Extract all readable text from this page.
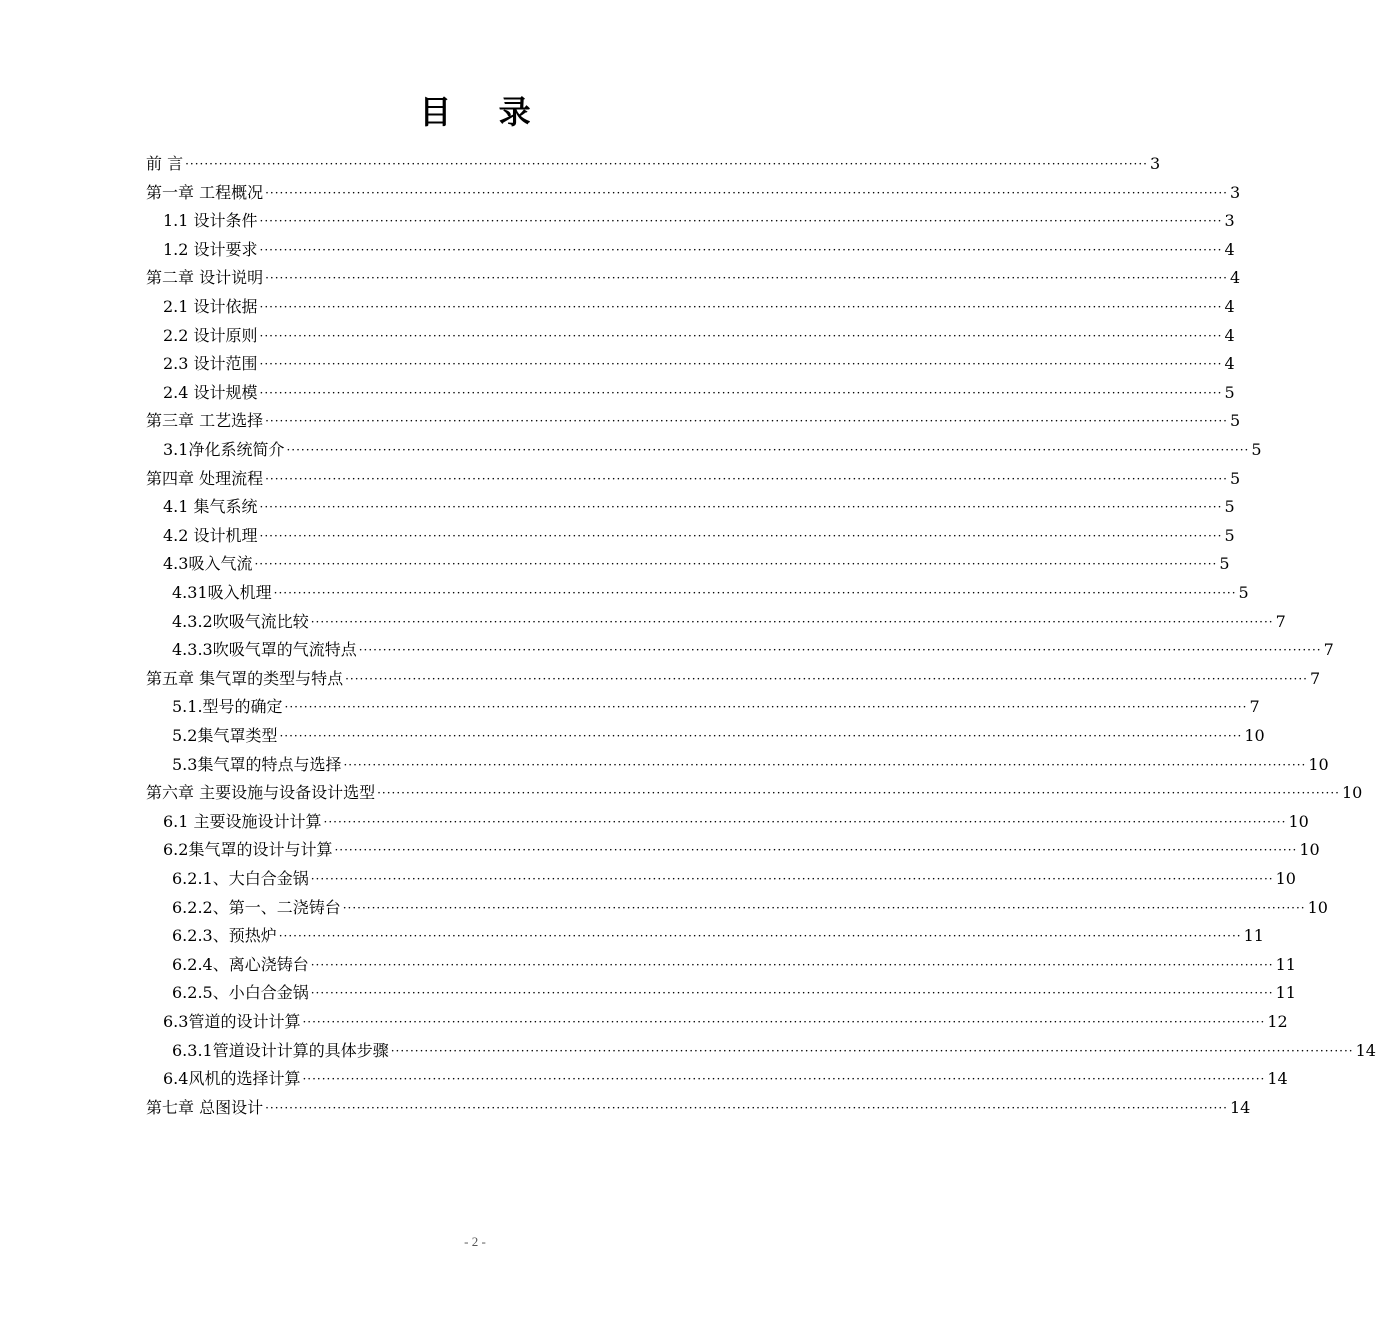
目 录
前 言 ········································································································································································································ 3
第一章 工程概况 ········································································································································································································ 3
1.1 设计条件 ········································································································································································································ 3
1.2 设计要求 ········································································································································································································ 4
第二章 设计说明 ········································································································································································································ 4
2.1 设计依据 ········································································································································································································ 4
2.2 设计原则 ········································································································································································································ 4
2.3 设计范围 ········································································································································································································ 4
2.4 设计规模 ········································································································································································································ 5
第三章 工艺选择 ········································································································································································································ 5
3.1净化系统简介 ········································································································································································································ 5
第四章 处理流程 ········································································································································································································ 5
4.1 集气系统 ········································································································································································································ 5
4.2 设计机理 ········································································································································································································ 5
4.3吸入气流 ········································································································································································································ 5
4.31吸入机理 ········································································································································································································ 5
4.3.2吹吸气流比较 ········································································································································································································ 7
4.3.3吹吸气罩的气流特点 ········································································································································································································ 7
第五章 集气罩的类型与特点 ········································································································································································································ 7
5.1.型号的确定 ········································································································································································································ 7
5.2集气罩类型 ········································································································································································································ 10
5.3集气罩的特点与选择 ········································································································································································································ 10
第六章 主要设施与设备设计选型 ········································································································································································································ 10
6.1 主要设施设计计算 ········································································································································································································ 10
6.2集气罩的设计与计算 ········································································································································································································ 10
6.2.1、大白合金锅 ········································································································································································································ 10
6.2.2、第一、二浇铸台 ········································································································································································································ 10
6.2.3、预热炉 ········································································································································································································ 11
6.2.4、离心浇铸台 ········································································································································································································ 11
6.2.5、小白合金锅 ········································································································································································································ 11
6.3管道的设计计算 ········································································································································································································ 12
6.3.1管道设计计算的具体步骤 ········································································································································································································ 14
6.4风机的选择计算 ········································································································································································································ 14
第七章 总图设计 ········································································································································································································ 14
- 2 -
